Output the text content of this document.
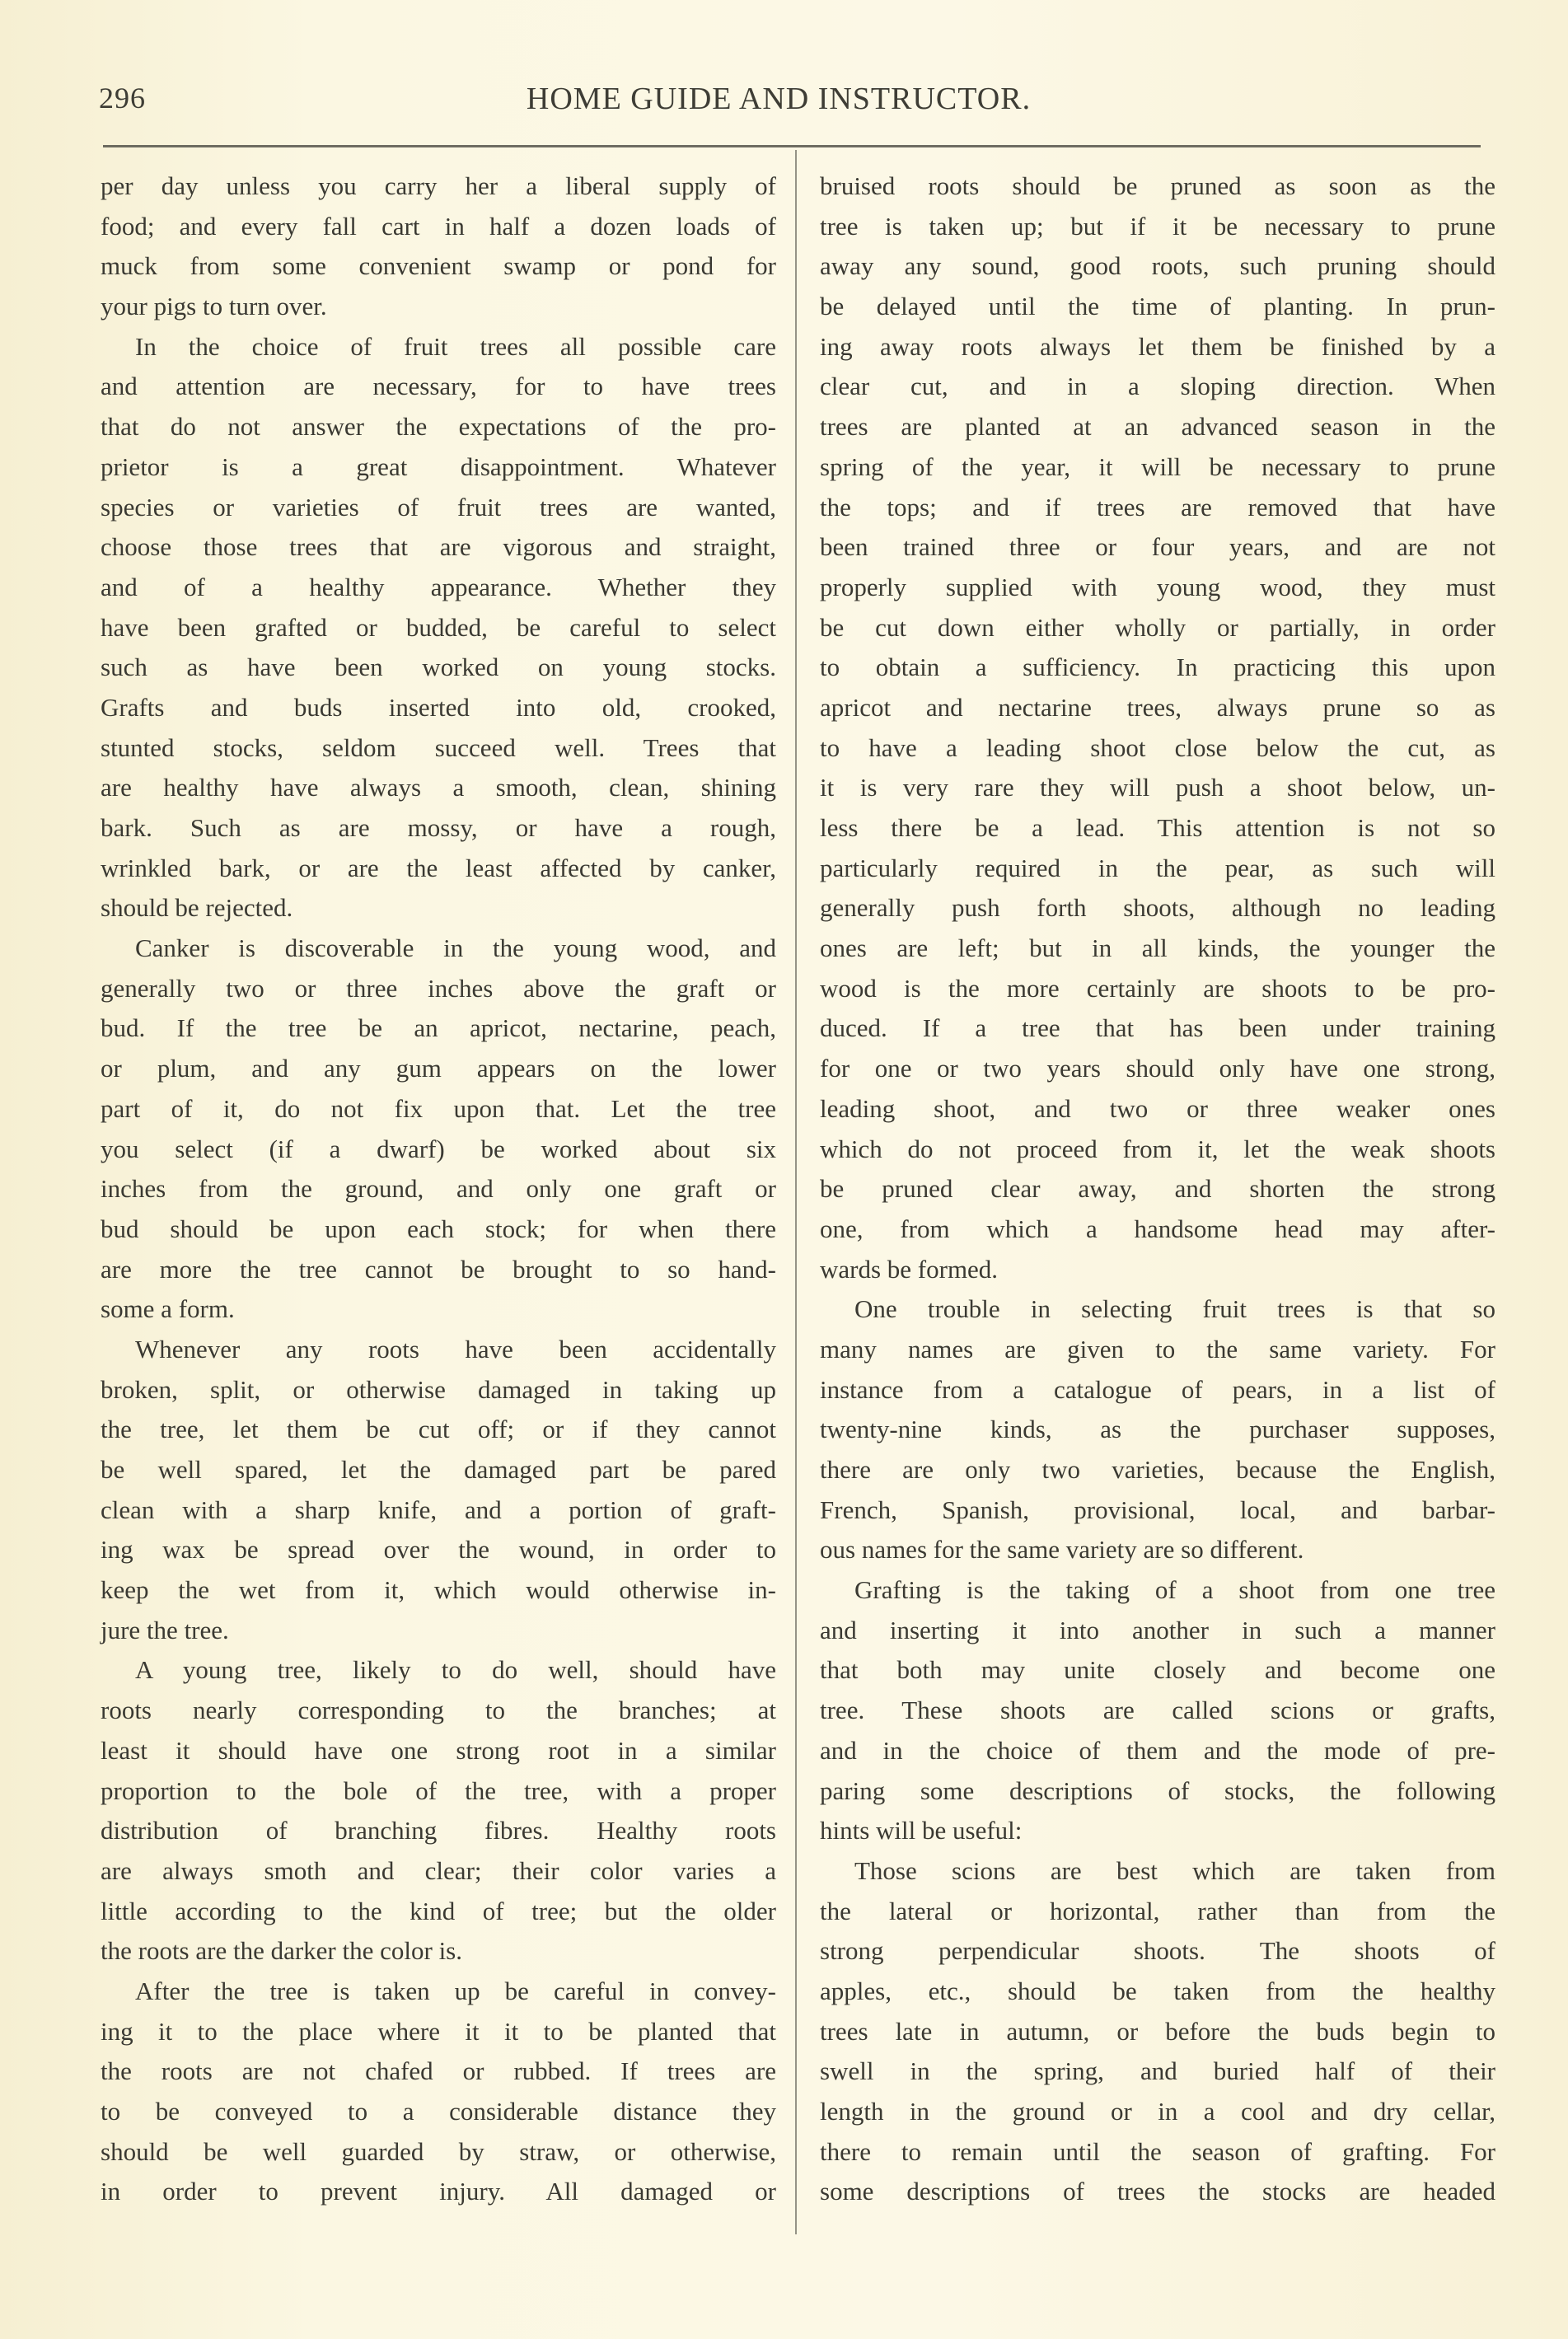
296	HOME GUIDE AND INSTRUCTOR.
per day unless you carry her a liberal supply of
food; and every fall cart in half a dozen loads of
muck from some convenient swamp or pond for
your pigs to turn over.
In the choice of fruit trees all possible care
and attention are necessary, for to have trees
that do not answer the expectations of the pro-
prietor is a great disappointment. Whatever
species or varieties of fruit trees are wanted,
choose those trees that are vigorous and straight,
and of a healthy appearance. Whether they
have been grafted or budded, be careful to select
such as have been worked on young stocks.
Grafts and buds inserted into old, crooked,
stunted stocks, seldom succeed well. Trees that
are healthy have always a smooth, clean, shining
bark. Such as are mossy, or have a rough,
wrinkled bark, or are the least affected by canker,
should be rejected.
Canker is discoverable in the young wood, and
generally two or three inches above the graft or
bud. If the tree be an apricot, nectarine, peach,
or plum, and any gum appears on the lower
part of it, do not fix upon that. Let the tree
you select (if a dwarf) be worked about six
inches from the ground, and only one graft or
bud should be upon each stock; for when there
are more the tree cannot be brought to so hand-
some a form.
Whenever any roots have been accidentally
broken, split, or otherwise damaged in taking up
the tree, let them be cut off; or if they cannot
be well spared, let the damaged part be pared
clean with a sharp knife, and a portion of graft-
ing wax be spread over the wound, in order to
keep the wet from it, which would otherwise in-
jure the tree.
A young tree, likely to do well, should have
roots nearly corresponding to the branches; at
least it should have one strong root in a similar
proportion to the bole of the tree, with a proper
distribution of branching fibres. Healthy roots
are always smoth and clear; their color varies a
little according to the kind of tree; but the older
the roots are the darker the color is.
After the tree is taken up be careful in convey-
ing it to the place where it it to be planted that
the roots are not chafed or rubbed. If trees are
to be conveyed to a considerable distance they
should be well guarded by straw, or otherwise,
in order to prevent injury. All damaged or
bruised roots should be pruned as soon as the
tree is taken up; but if it be necessary to prune
away any sound, good roots, such pruning should
be delayed until the time of planting. In prun-
ing away roots always let them be finished by a
clear cut, and in a sloping direction. When
trees are planted at an advanced season in the
spring of the year, it will be necessary to prune
the tops; and if trees are removed that have
been trained three or four years, and are not
properly supplied with young wood, they must
be cut down either wholly or partially, in order
to obtain a sufficiency. In practicing this upon
apricot and nectarine trees, always prune so as
to have a leading shoot close below the cut, as
it is very rare they will push a shoot below, un-
less there be a lead. This attention is not so
particularly required in the pear, as such will
generally push forth shoots, although no leading
ones are left; but in all kinds, the younger the
wood is the more certainly are shoots to be pro-
duced. If a tree that has been under training
for one or two years should only have one strong,
leading shoot, and two or three weaker ones
which do not proceed from it, let the weak shoots
be pruned clear away, and shorten the strong
one, from which a handsome head may after-
wards be formed.
One trouble in selecting fruit trees is that so
many names are given to the same variety. For
instance from a catalogue of pears, in a list of
twenty-nine kinds, as the purchaser supposes,
there are only two varieties, because the English,
French, Spanish, provisional, local, and barbar-
ous names for the same variety are so different.
Grafting is the taking of a shoot from one tree
and inserting it into another in such a manner
that both may unite closely and become one
tree. These shoots are called scions or grafts,
and in the choice of them and the mode of pre-
paring some descriptions of stocks, the following
hints will be useful:
Those scions are best which are taken from
the lateral or horizontal, rather than from the
strong perpendicular shoots. The shoots of
apples, etc., should be taken from the healthy
trees late in autumn, or before the buds begin to
swell in the spring, and buried half of their
length in the ground or in a cool and dry cellar,
there to remain until the season of grafting. For
some descriptions of trees the stocks are headed
